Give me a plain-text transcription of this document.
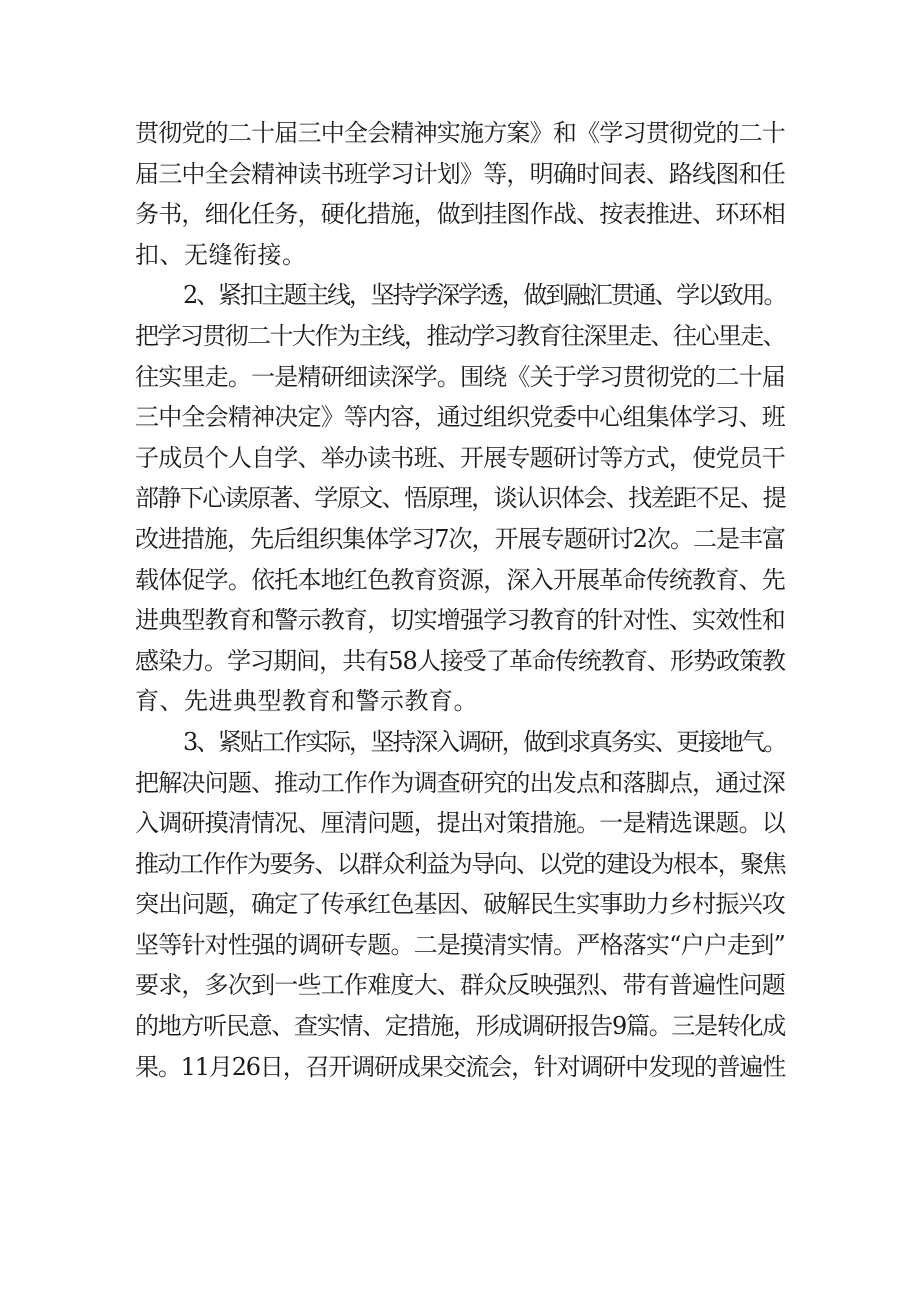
贯彻党的二十届三中全会精神实施方案》和《学习贯彻党的二十
届三中全会精神读书班学习计划》等，明确时间表、路线图和任
务书，细化任务，硬化措施，做到挂图作战、按表推进、环环相
扣、无缝衔接。
2、紧扣主题主线，坚持学深学透，做到融汇贯通、学以致用。
把学习贯彻二十大作为主线，推动学习教育往深里走、往心里走、
往实里走。一是精研细读深学。围绕《关于学习贯彻党的二十届
三中全会精神决定》等内容，通过组织党委中心组集体学习、班
子成员个人自学、举办读书班、开展专题研讨等方式，使党员干
部静下心读原著、学原文、悟原理，谈认识体会、找差距不足、提
改进措施，先后组织集体学习7次，开展专题研讨2次。二是丰富
载体促学。依托本地红色教育资源，深入开展革命传统教育、先
进典型教育和警示教育，切实增强学习教育的针对性、实效性和
感染力。学习期间，共有58人接受了革命传统教育、形势政策教
育、先进典型教育和警示教育。
3、紧贴工作实际，坚持深入调研，做到求真务实、更接地气。
把解决问题、推动工作作为调查研究的出发点和落脚点，通过深
入调研摸清情况、厘清问题，提出对策措施。一是精选课题。以
推动工作作为要务、以群众利益为导向、以党的建设为根本，聚焦
突出问题，确定了传承红色基因、破解民生实事助力乡村振兴攻
坚等针对性强的调研专题。二是摸清实情。严格落实“户户走到”
要求，多次到一些工作难度大、群众反映强烈、带有普遍性问题
的地方听民意、查实情、定措施，形成调研报告9篇。三是转化成
果。11月26日，召开调研成果交流会，针对调研中发现的普遍性
